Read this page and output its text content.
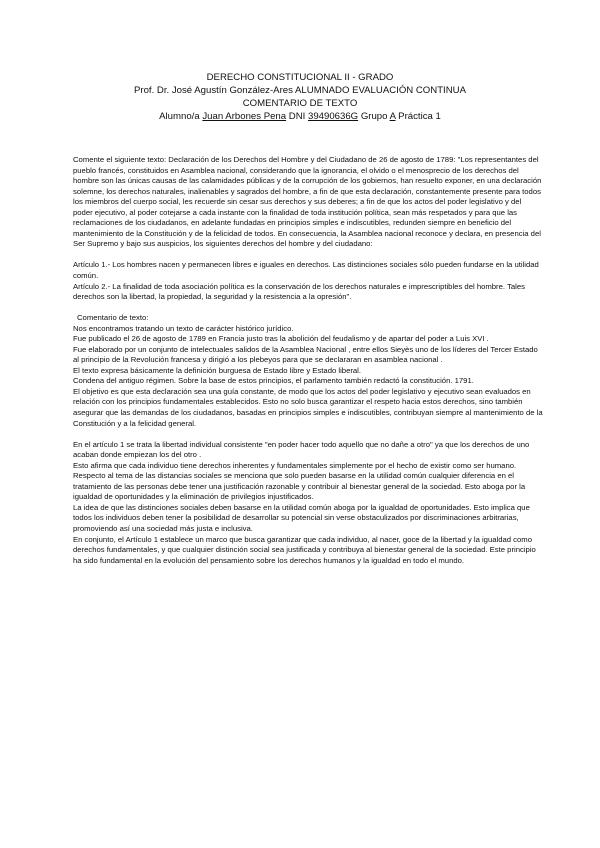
DERECHO CONSTITUCIONAL II - GRADO
Prof. Dr. José Agustín González-Ares ALUMNADO EVALUACIÓN CONTINUA
COMENTARIO DE TEXTO
Alumno/a Juan Arbones Pena DNI 39490636G Grupo A Práctica 1

Comente el siguiente texto: Declaración de los Derechos del Hombre y del Ciudadano de 26 de agosto de 1789: "Los representantes del pueblo francés, constituidos en Asamblea nacional, considerando que la ignorancia, el olvido o el menosprecio de los derechos del hombre son las únicas causas de las calamidades públicas y de la corrupción de los gobiernos, han resuelto exponer, en una declaración solemne, los derechos naturales, inalienables y sagrados del hombre, a fin de que esta declaración, constantemente presente para todos los miembros del cuerpo social, les recuerde sin cesar sus derechos y sus deberes; a fin de que los actos del poder legislativo y del poder ejecutivo, al poder cotejarse a cada instante con la finalidad de toda institución política, sean más respetados y para que las reclamaciones de los ciudadanos, en adelante fundadas en principios simples e indiscutibles, redunden siempre en beneficio del mantenimiento de la Constitución y de la felicidad de todos. En consecuencia, la Asamblea nacional reconoce y declara, en presencia del Ser Supremo y bajo sus auspicios, los siguientes derechos del hombre y del ciudadano:

Artículo 1.- Los hombres nacen y permanecen libres e iguales en derechos. Las distinciones sociales sólo pueden fundarse en la utilidad común.

Artículo 2.- La finalidad de toda asociación política es la conservación de los derechos naturales e imprescriptibles del hombre. Tales derechos son la libertad, la propiedad, la seguridad y la resistencia a la opresión".

Comentario de texto:

Nos encontramos tratando un texto de carácter histórico jurídico.

Fue publicado el 26 de agosto de 1789 en Francia justo tras la abolición del feudalismo y de apartar del poder a Luis XVI .

Fue elaborado por un conjunto de intelectuales salidos de la Asamblea Nacional , entre ellos Sieyès uno de los líderes del Tercer Estado al principio de la Revolución francesa y dirigió a los plebeyos para que se declararan en asamblea nacional .

El texto expresa básicamente la definición burguesa de Estado libre y Estado liberal.

Condena del antiguo régimen. Sobre la base de estos principios, el parlamento también redactó la constitución. 1791.

El objetivo es que esta declaración sea una guía constante, de modo que los actos del poder legislativo y ejecutivo sean evaluados en relación con los principios fundamentales establecidos. Esto no solo busca garantizar el respeto hacia estos derechos, sino también asegurar que las demandas de los ciudadanos, basadas en principios simples e indiscutibles, contribuyan siempre al mantenimiento de la Constitución y a la felicidad general.

En el artículo 1 se trata la libertad individual consistente "en poder hacer todo aquello que no dañe a otro" ya que los derechos de uno acaban donde empiezan los del otro .

Esto afirma que cada individuo tiene derechos inherentes y fundamentales simplemente por el hecho de existir como ser humano.

Respecto al tema de las distancias sociales se menciona que solo pueden basarse en la utilidad común cualquier diferencia en el tratamiento de las personas debe tener una justificación razonable y contribuir al bienestar general de la sociedad. Esto aboga por la igualdad de oportunidades y la eliminación de privilegios injustificados.

La idea de que las distinciones sociales deben basarse en la utilidad común aboga por la igualdad de oportunidades. Esto implica que todos los individuos deben tener la posibilidad de desarrollar su potencial sin verse obstaculizados por discriminaciones arbitrarias, promoviendo así una sociedad más justa e inclusiva.

En conjunto, el Artículo 1 establece un marco que busca garantizar que cada individuo, al nacer, goce de la libertad y la igualdad como derechos fundamentales, y que cualquier distinción social sea justificada y contribuya al bienestar general de la sociedad. Este principio ha sido fundamental en la evolución del pensamiento sobre los derechos humanos y la igualdad en todo el mundo.
